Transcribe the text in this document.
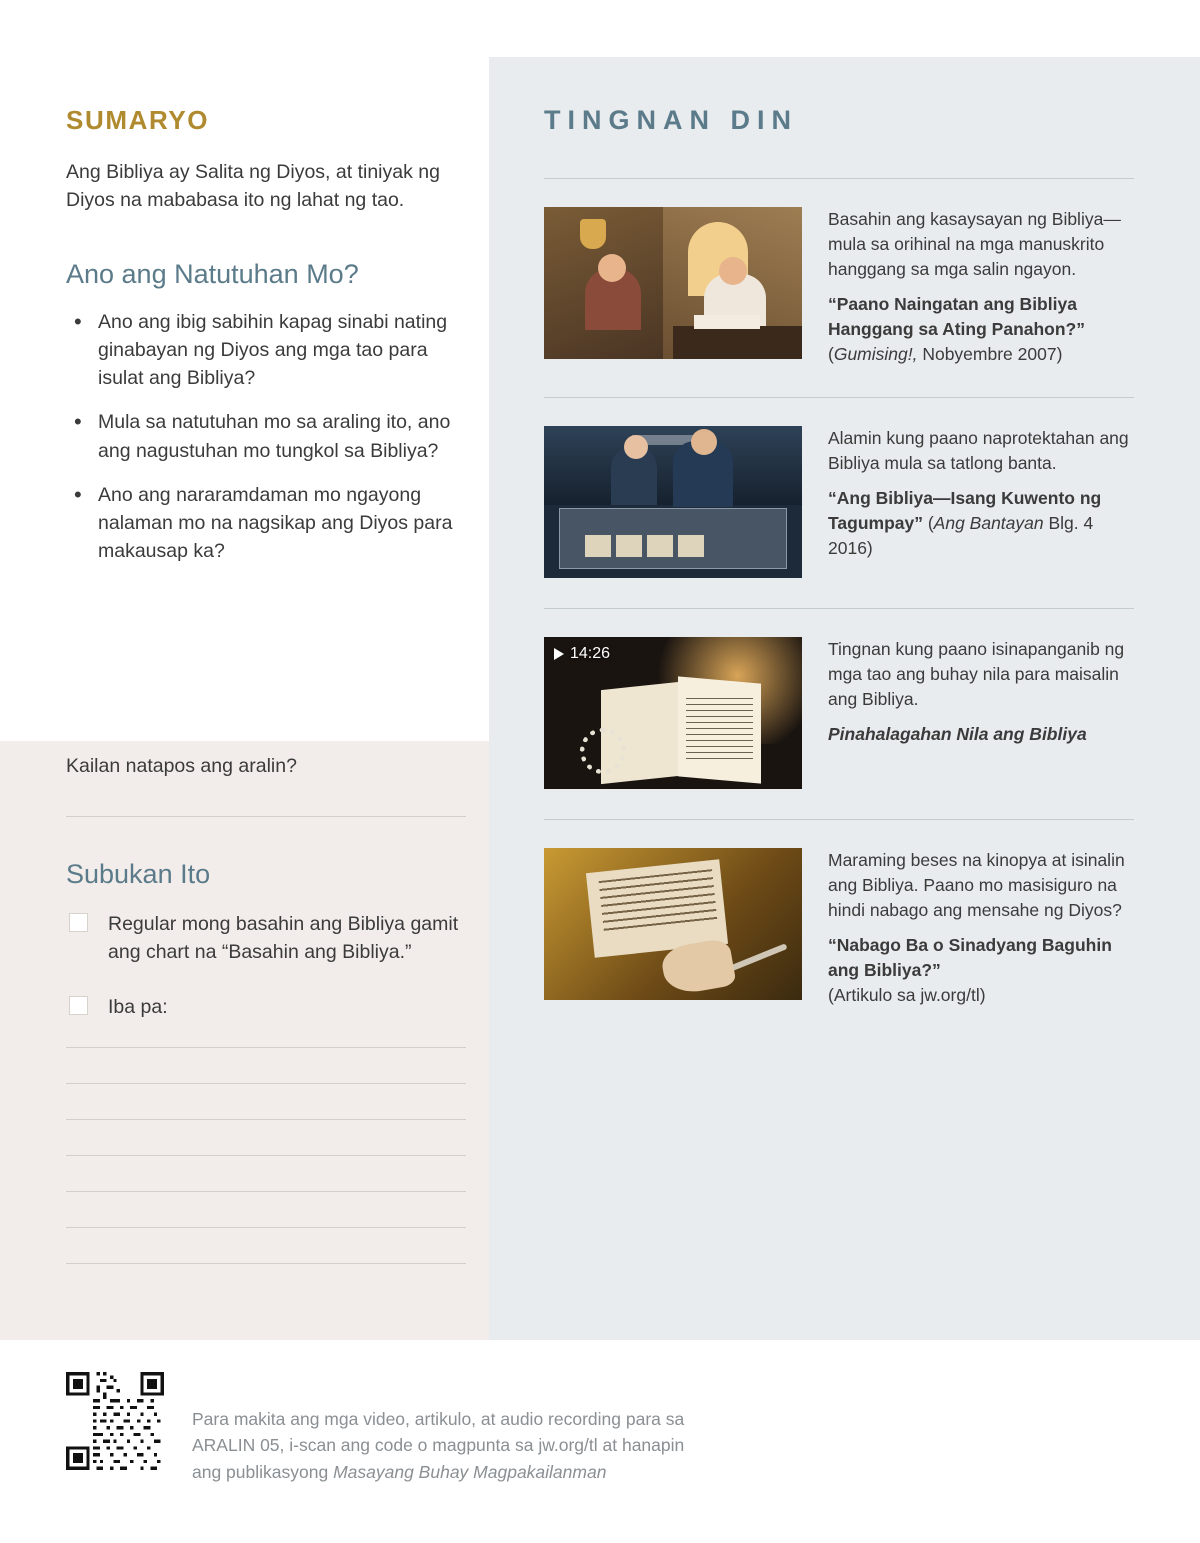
SUMARYO

Ang Bibliya ay Salita ng Diyos, at tiniyak ng Diyos na mababasa ito ng lahat ng tao.

Ano ang Natutuhan Mo?
• Ano ang ibig sabihin kapag sinabi nating ginabayan ng Diyos ang mga tao para isulat ang Bibliya?
• Mula sa natutuhan mo sa araling ito, ano ang nagustuhan mo tungkol sa Bibliya?
• Ano ang nararamdaman mo ngayong nalaman mo na nagsikap ang Diyos para makausap ka?

Kailan natapos ang aralin?

Subukan Ito
Regular mong basahin ang Bibliya gamit ang chart na “Basahin ang Bibliya.”
Iba pa:
TINGNAN DIN

Basahin ang kasaysayan ng Bibliya—mula sa orihinal na mga manuskrito hanggang sa mga salin ngayon.

“Paano Naingatan ang Bibliya Hanggang sa Ating Panahon?”

(Gumising!, Nobyembre 2007)

Alamin kung paano naprotektahan ang Bibliya mula sa tatlong banta.

“Ang Bibliya—Isang Kuwento ng Tagumpay” (Ang Bantayan Blg. 4 2016)

14:26	Tingnan kung paano isinapanganib ng mga tao ang buhay nila para maisalin ang Bibliya.

Pinahalagahan Nila ang Bibliya

Maraming beses na kinopya at isinalin ang Bibliya. Paano mo masisiguro na hindi nabago ang mensahe ng Diyos?

“Nabago Ba o Sinadyang Baguhin ang Bibliya?”

(Artikulo sa jw.org/tl)

Para makita ang mga video, artikulo, at audio recording para sa
ARALIN 05, i-scan ang code o magpunta sa jw.org/tl at hanapin
ang publikasyong Masayang Buhay Magpakailanman
